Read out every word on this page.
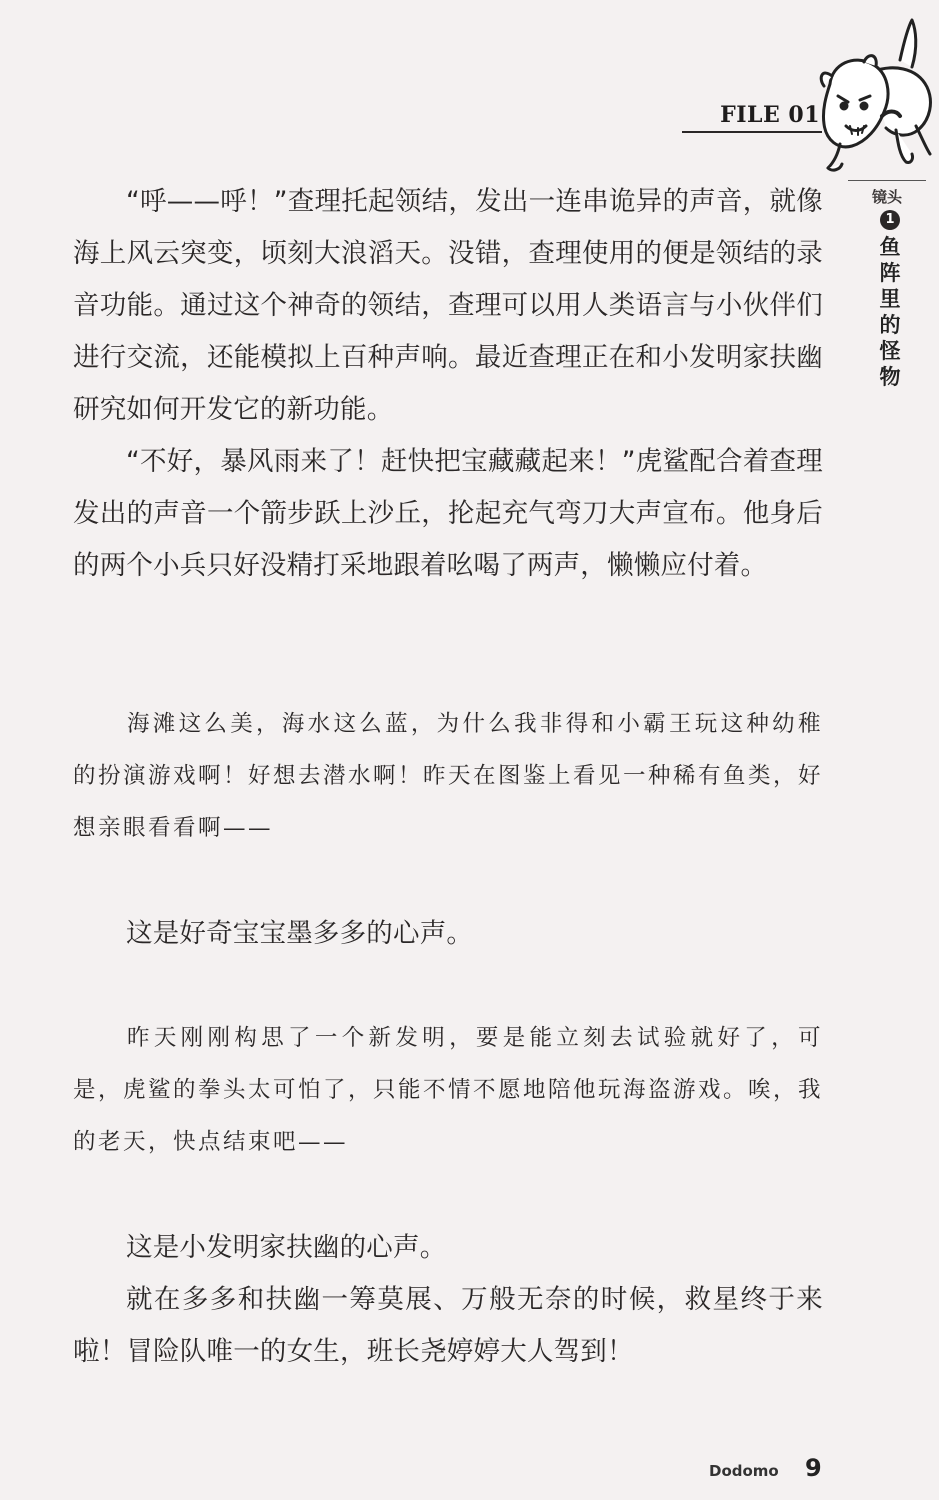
FILE 01
镜头
1
鱼阵里的怪物

“呼——呼！”查理托起领结，发出一连串诡异的声音，就像海上风云突变，顷刻大浪滔天。没错，查理使用的便是领结的录音功能。通过这个神奇的领结，查理可以用人类语言与小伙伴们进行交流，还能模拟上百种声响。最近查理正在和小发明家扶幽研究如何开发它的新功能。

“不好，暴风雨来了！赶快把宝藏藏起来！”虎鲨配合着查理发出的声音一个箭步跃上沙丘，抡起充气弯刀大声宣布。他身后的两个小兵只好没精打采地跟着吆喝了两声，懒懒应付着。

海滩这么美，海水这么蓝，为什么我非得和小霸王玩这种幼稚的扮演游戏啊！好想去潜水啊！昨天在图鉴上看见一种稀有鱼类，好想亲眼看看啊——

这是好奇宝宝墨多多的心声。

昨天刚刚构思了一个新发明，要是能立刻去试验就好了，可是，虎鲨的拳头太可怕了，只能不情不愿地陪他玩海盗游戏。唉，我的老天，快点结束吧——

这是小发明家扶幽的心声。

就在多多和扶幽一筹莫展、万般无奈的时候，救星终于来啦！冒险队唯一的女生，班长尧婷婷大人驾到！

Dodomo 9
